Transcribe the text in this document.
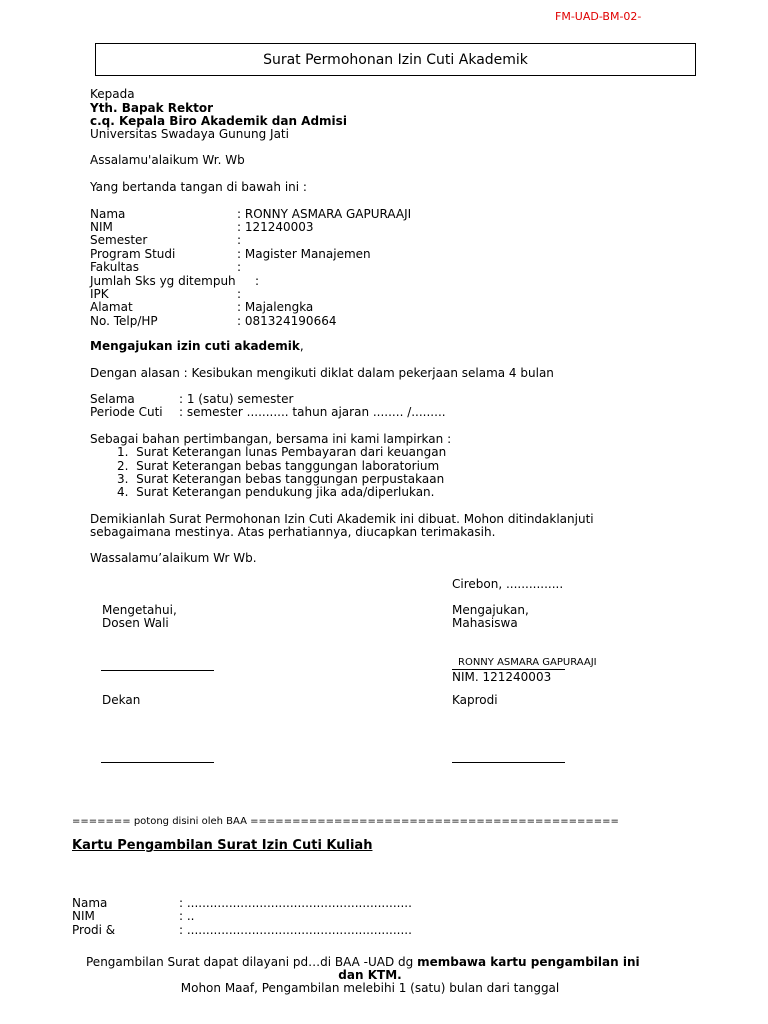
FM-UAD-BM-02-
Surat Permohonan Izin Cuti Akademik
Kepada
Yth. Bapak Rektor
c.q. Kepala Biro Akademik dan Admisi
Universitas Swadaya Gunung Jati
Assalamu'alaikum Wr. Wb
Yang bertanda tangan di bawah ini :
Nama	: RONNY ASMARA GAPURAAJI
NIM	: 121240003
Semester	:
Program Studi	: Magister Manajemen
Fakultas	:
Jumlah Sks yg ditempuh :
IPK	:
Alamat	: Majalengka
No. Telp/HP	: 081324190664
Mengajukan izin cuti akademik,
Dengan alasan : Kesibukan mengikuti diklat dalam pekerjaan selama 4 bulan
Selama	: 1 (satu) semester
Periode Cuti : semester ........... tahun ajaran ........ /.........
Sebagai bahan pertimbangan, bersama ini kami lampirkan :
1.  Surat Keterangan lunas Pembayaran dari keuangan
2.  Surat Keterangan bebas tanggungan laboratorium
3.  Surat Keterangan bebas tanggungan perpustakaan
4.  Surat Keterangan pendukung jika ada/diperlukan.
Demikianlah Surat Permohonan Izin Cuti Akademik ini dibuat. Mohon ditindaklanjuti
sebagaimana mestinya. Atas perhatiannya, diucapkan terimakasih.
Wassalamu’alaikum Wr Wb.
Cirebon, ...............
Mengetahui,
Dosen Wali
Mengajukan,
Mahasiswa
RONNY ASMARA GAPURAAJI
NIM. 121240003
Dekan	Kaprodi
======= potong disini oleh BAA ============================================
Kartu Pengambilan Surat Izin Cuti Kuliah
Nama	: ...........................................................
NIM	: ..
Prodi &	: ...........................................................
Pengambilan Surat dapat dilayani pd…di BAA -UAD dg membawa kartu pengambilan ini
dan KTM.
Mohon Maaf, Pengambilan melebihi 1 (satu) bulan dari tanggal
